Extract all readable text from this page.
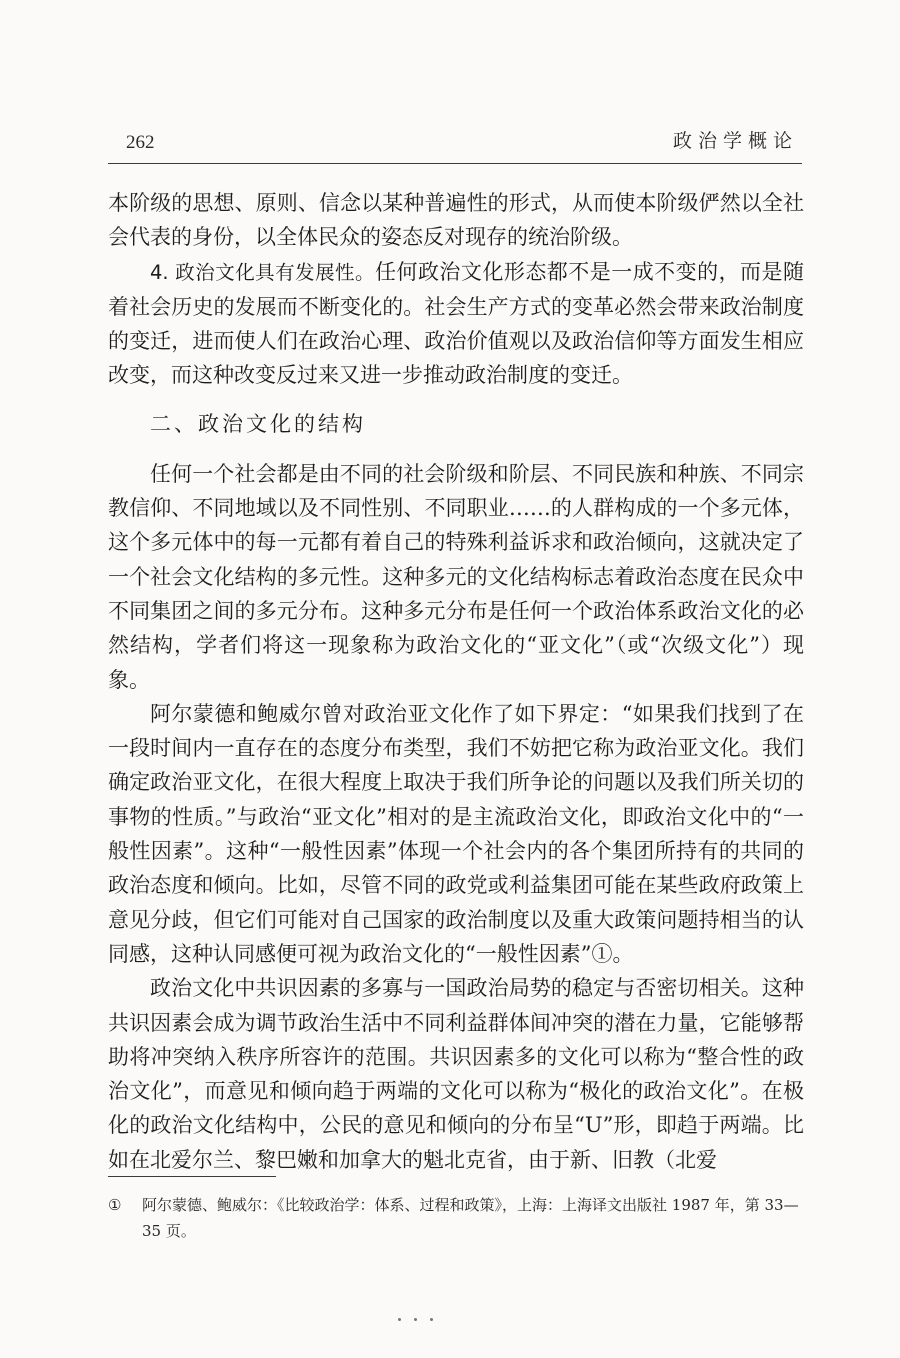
262	政治学概论

本阶级的思想、原则、信念以某种普遍性的形式，从而使本阶级俨然以全社会代表的身份，以全体民众的姿态反对现存的统治阶级。

4. 政治文化具有发展性。任何政治文化形态都不是一成不变的，而是随着社会历史的发展而不断变化的。社会生产方式的变革必然会带来政治制度的变迁，进而使人们在政治心理、政治价值观以及政治信仰等方面发生相应改变，而这种改变反过来又进一步推动政治制度的变迁。

二、政治文化的结构

任何一个社会都是由不同的社会阶级和阶层、不同民族和种族、不同宗教信仰、不同地域以及不同性别、不同职业……的人群构成的一个多元体，这个多元体中的每一元都有着自己的特殊利益诉求和政治倾向，这就决定了一个社会文化结构的多元性。这种多元的文化结构标志着政治态度在民众中不同集团之间的多元分布。这种多元分布是任何一个政治体系政治文化的必然结构，学者们将这一现象称为政治文化的“亚文化”（或“次级文化”）现象。

阿尔蒙德和鲍威尔曾对政治亚文化作了如下界定：“如果我们找到了在一段时间内一直存在的态度分布类型，我们不妨把它称为政治亚文化。我们确定政治亚文化，在很大程度上取决于我们所争论的问题以及我们所关切的事物的性质。”与政治“亚文化”相对的是主流政治文化，即政治文化中的“一般性因素”。这种“一般性因素”体现一个社会内的各个集团所持有的共同的政治态度和倾向。比如，尽管不同的政党或利益集团可能在某些政府政策上意见分歧，但它们可能对自己国家的政治制度以及重大政策问题持相当的认同感，这种认同感便可视为政治文化的“一般性因素”①。

政治文化中共识因素的多寡与一国政治局势的稳定与否密切相关。这种共识因素会成为调节政治生活中不同利益群体间冲突的潜在力量，它能够帮助将冲突纳入秩序所容许的范围。共识因素多的文化可以称为“整合性的政治文化”，而意见和倾向趋于两端的文化可以称为“极化的政治文化”。在极化的政治文化结构中，公民的意见和倾向的分布呈“U”形，即趋于两端。比如在北爱尔兰、黎巴嫩和加拿大的魁北克省，由于新、旧教（北爱

① 阿尔蒙德、鲍威尔：《比较政治学：体系、过程和政策》，上海：上海译文出版社 1987 年，第 33—
35 页。
